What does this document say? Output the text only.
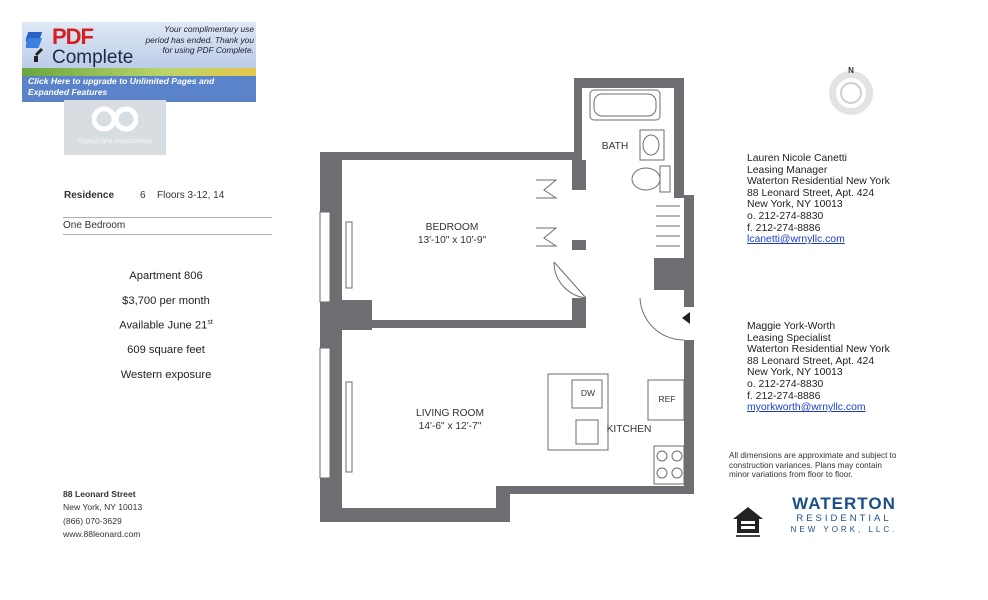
PDF
Complete
Your complimentary use period has ended. Thank you for using PDF Complete.
Click Here to upgrade to Unlimited Pages and Expanded Features
EightyEightLeonardStreet
Residence	6 Floors 3-12, 14
One Bedroom
Apartment 806
$3,700 per month
Available June 21st
609 square feet
Western exposure
88 Leonard Street
New York, NY 10013
(866) 070-3629
www.88leonard.com
BEDROOM
13'-10" x 10'-9"
LIVING ROOM
14'-6" x 12'-7"
BATH
KITCHEN
DW
REF
N
Lauren Nicole Canetti
Leasing Manager
Waterton Residential New York
88 Leonard Street, Apt. 424
New York, NY 10013
o. 212-274-8830
f. 212-274-8886
lcanetti@wrnyllc.com
Maggie York-Worth
Leasing Specialist
Waterton Residential New York
88 Leonard Street, Apt. 424
New York, NY 10013
o. 212-274-8830
f. 212-274-8886
myorkworth@wrnyllc.com
All dimensions are approximate and subject to construction variances. Plans may contain minor variations from floor to floor.
WATERTON
RESIDENTIAL
NEW YORK, LLC.
